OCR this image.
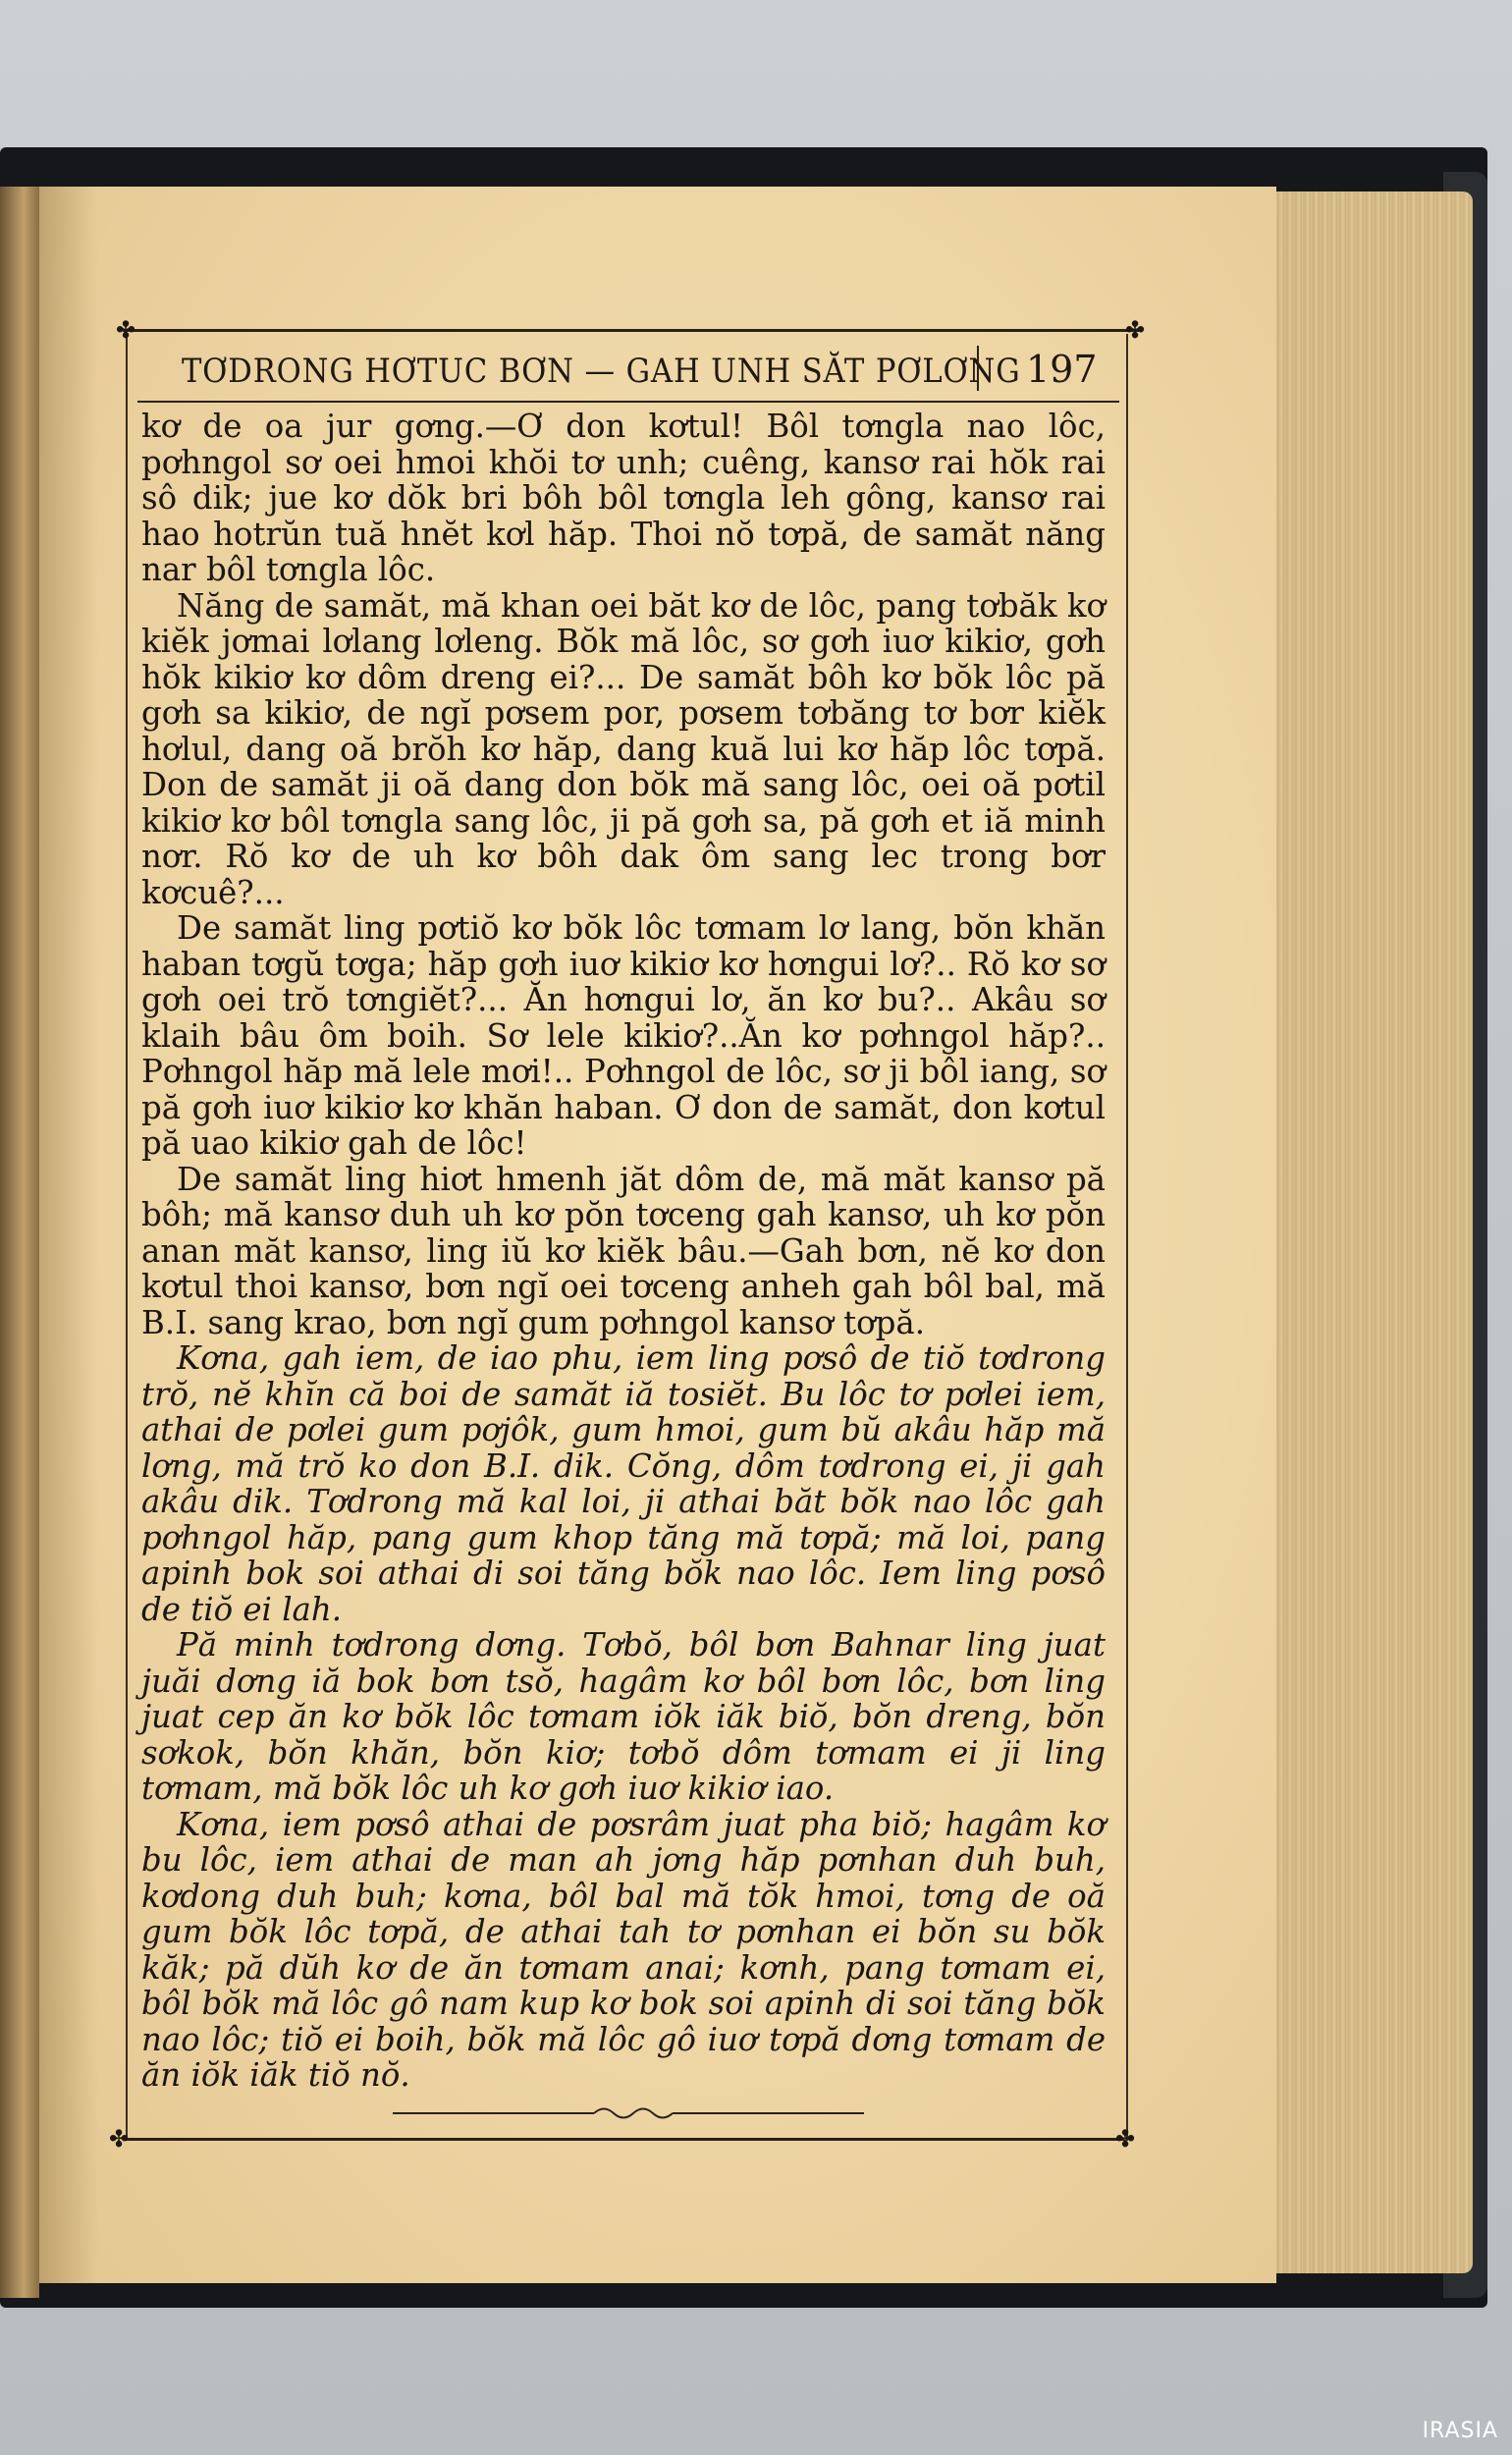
✤	✤
✤	✤
TƠDRONG HƠTUC BƠN — GAH UNH SĂT PƠLƠNG 197

kơ de oa jur gơng.—Ơ don kơtul! Bôl tơngla nao lôc, pơhngol sơ oei hmoi khŏi tơ unh; cuêng, kansơ rai hŏk rai sô dik; jue kơ dŏk bri bôh bôl tơngla leh gông, kansơ rai hao hotrŭn tuă hnĕt kơl hăp. Thoi nŏ tơpă, de samăt năng nar bôl tơngla lôc.

Năng de samăt, mă khan oei băt kơ de lôc, pang tơbăk kơ kiĕk jơmai lơlang lơleng. Bŏk mă lôc, sơ gơh iuơ kikiơ, gơh hŏk kikiơ kơ dôm dreng ei?... De samăt bôh kơ bŏk lôc pă gơh sa kikiơ, de ngĭ pơsem por, pơsem tơbăng tơ bơr kiĕk hơlul, dang oă brŏh kơ hăp, dang kuă lui kơ hăp lôc tơpă. Don de samăt ji oă dang don bŏk mă sang lôc, oei oă pơtil kikiơ kơ bôl tơngla sang lôc, ji pă gơh sa, pă gơh et iă minh nơr. Rŏ kơ de uh kơ bôh dak ôm sang lec trong bơr kơcuê?...

De samăt ling pơtiŏ kơ bŏk lôc tơmam lơ lang, bŏn khăn haban tơgŭ tơga; hăp gơh iuơ kikiơ kơ hơngui lơ?.. Rŏ kơ sơ gơh oei trŏ tơngiĕt?... Ăn hơngui lơ, ăn kơ bu?.. Akâu sơ klaih bâu ôm boih. Sơ lele kikiơ?..Ăn kơ pơhngol hăp?.. Pơhngol hăp mă lele mơi!.. Pơhngol de lôc, sơ ji bôl iang, sơ pă gơh iuơ kikiơ kơ khăn haban. Ơ don de samăt, don kơtul pă uao kikiơ gah de lôc!

De samăt ling hiơt hmenh jăt dôm de, mă măt kansơ pă bôh; mă kansơ duh uh kơ pŏn tơceng gah kansơ, uh kơ pŏn anan măt kansơ, ling iŭ kơ kiĕk bâu.—Gah bơn, nĕ kơ don kơtul thoi kansơ, bơn ngĭ oei tơceng anheh gah bôl bal, mă B.I. sang krao, bơn ngĭ gum pơhngol kansơ tơpă.

Kơna, gah iem, de iao phu, iem ling pơsô de tiŏ tơdrong trŏ, nĕ khĭn că boi de samăt iă tosiĕt. Bu lôc tơ pơlei iem, athai de pơlei gum pơjôk, gum hmoi, gum bŭ akâu hăp mă lơng, mă trŏ ko don B.I. dik. Cŏng, dôm tơdrong ei, ji gah akâu dik. Tơdrong mă kal loi, ji athai băt bŏk nao lôc gah pơhngol hăp, pang gum khop tăng mă tơpă; mă loi, pang apinh bok soi athai di soi tăng bŏk nao lôc. Iem ling pơsô de tiŏ ei lah.

Pă minh tơdrong dơng. Tơbŏ, bôl bơn Bahnar ling juat juăi dơng iă bok bơn tsŏ, hagâm kơ bôl bơn lôc, bơn ling juat cep ăn kơ bŏk lôc tơmam iŏk iăk biŏ, bŏn dreng, bŏn sơkok, bŏn khăn, bŏn kiơ; tơbŏ dôm tơmam ei ji ling tơmam, mă bŏk lôc uh kơ gơh iuơ kikiơ iao.

Kơna, iem pơsô athai de pơsrâm juat pha biŏ; hagâm kơ bu lôc, iem athai de man ah jơng hăp pơnhan duh buh, kơdong duh buh; kơna, bôl bal mă tŏk hmoi, tơng de oă gum bŏk lôc tơpă, de athai tah tơ pơnhan ei bŏn su bŏk kăk; pă dŭh kơ de ăn tơmam anai; kơnh, pang tơmam ei, bôl bŏk mă lôc gô nam kup kơ bok soi apinh di soi tăng bŏk nao lôc; tiŏ ei boih, bŏk mă lôc gô iuơ tơpă dơng tơmam de ăn iŏk iăk tiŏ nŏ.

IRASIA
